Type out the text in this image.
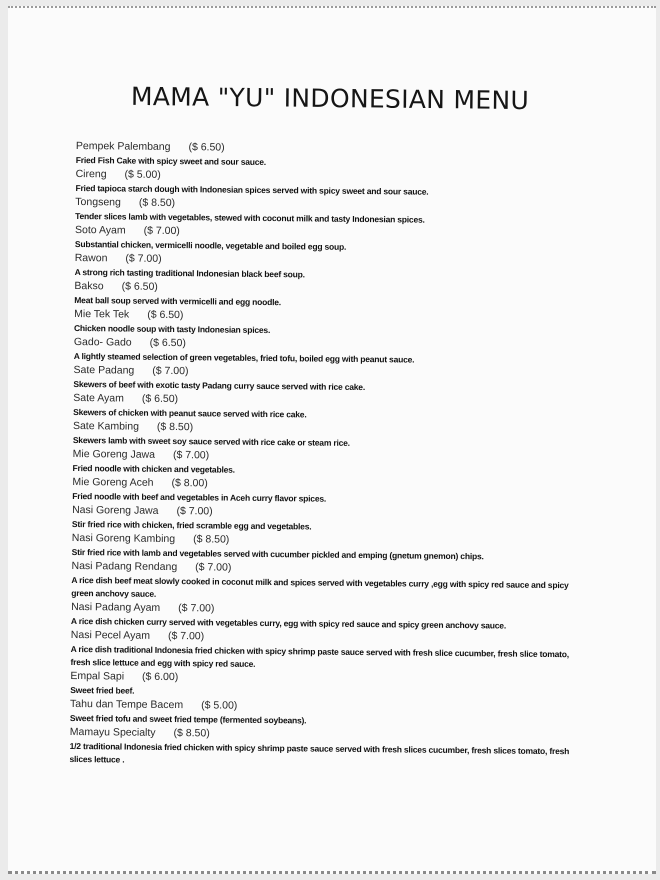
MAMA "YU" INDONESIAN MENU
Pempek Palembang ($ 6.50)
Fried Fish Cake with spicy sweet and sour sauce.
Cireng ($ 5.00)
Fried tapioca starch dough with Indonesian spices served with spicy sweet and sour sauce.
Tongseng ($ 8.50)
Tender slices lamb with vegetables, stewed with coconut milk and tasty Indonesian spices.
Soto Ayam ($ 7.00)
Substantial chicken, vermicelli noodle, vegetable and boiled egg soup.
Rawon ($ 7.00)
A strong rich tasting traditional Indonesian black beef soup.
Bakso ($ 6.50)
Meat ball soup served with vermicelli and egg noodle.
Mie Tek Tek ($ 6.50)
Chicken noodle soup with tasty Indonesian spices.
Gado- Gado ($ 6.50)
A lightly steamed selection of green vegetables, fried tofu, boiled egg with peanut sauce.
Sate Padang ($ 7.00)
Skewers of beef with exotic tasty Padang curry sauce served with rice cake.
Sate Ayam ($ 6.50)
Skewers of chicken with peanut sauce served with rice cake.
Sate Kambing ($ 8.50)
Skewers lamb with sweet soy sauce served with rice cake or steam rice.
Mie Goreng Jawa ($ 7.00)
Fried noodle with chicken and vegetables.
Mie Goreng Aceh ($ 8.00)
Fried noodle with beef and vegetables in Aceh curry flavor spices.
Nasi Goreng Jawa ($ 7.00)
Stir fried rice with chicken, fried scramble egg and vegetables.
Nasi Goreng Kambing ($ 8.50)
Stir fried rice with lamb and vegetables served with cucumber pickled and emping (gnetum gnemon) chips.
Nasi Padang Rendang ($ 7.00)
A rice dish beef meat slowly cooked in coconut milk and spices served with vegetables curry ,egg with spicy red sauce and spicy green anchovy sauce.
Nasi Padang Ayam ($ 7.00)
A rice dish chicken curry served with vegetables curry, egg with spicy red sauce and spicy green anchovy sauce.
Nasi Pecel Ayam ($ 7.00)
A rice dish traditional Indonesia fried chicken with spicy shrimp paste sauce served with fresh slice cucumber, fresh slice tomato, fresh slice lettuce and egg with spicy red sauce.
Empal Sapi ($ 6.00)
Sweet fried beef.
Tahu dan Tempe Bacem ($ 5.00)
Sweet fried tofu and sweet fried tempe (fermented soybeans).
Mamayu Specialty ($ 8.50)
1/2 traditional Indonesia fried chicken with spicy shrimp paste sauce served with fresh slices cucumber, fresh slices tomato, fresh slices lettuce .
